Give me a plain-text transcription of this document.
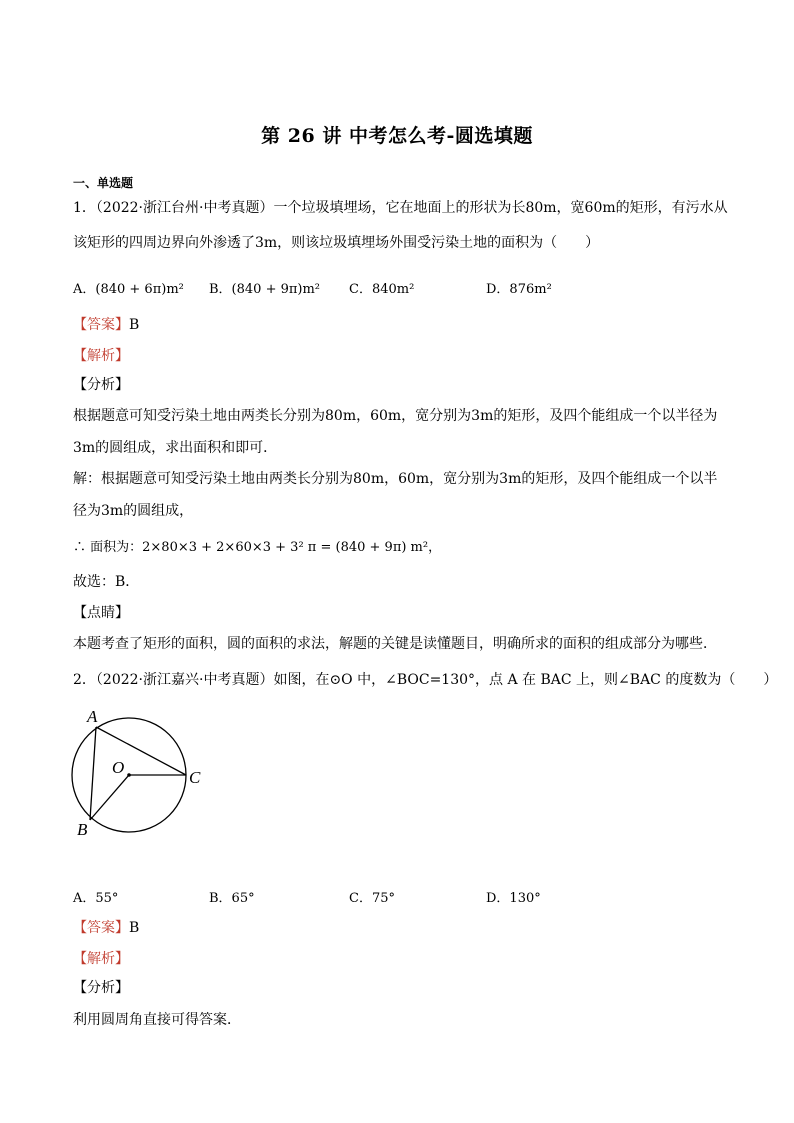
第 26 讲 中考怎么考-圆选填题
一、单选题
1．（2022·浙江台州·中考真题）一个垃圾填埋场，它在地面上的形状为长80m，宽60m的矩形，有污水从
该矩形的四周边界向外渗透了3m，则该垃圾填埋场外围受污染土地的面积为（　　）
A．(840 + 6π)m² B．(840 + 9π)m² C．840m²	D．876m²
【答案】B
【解析】
【分析】
根据题意可知受污染土地由两类长分别为80m，60m，宽分别为3m的矩形，及四个能组成一个以半径为
3m的圆组成，求出面积和即可．
解：根据题意可知受污染土地由两类长分别为80m，60m，宽分别为3m的矩形，及四个能组成一个以半
径为3m的圆组成，
∴ 面积为：2×80×3 + 2×60×3 + 3² π = (840 + 9π) m²，
故选：B．
【点睛】
本题考查了矩形的面积，圆的面积的求法，解题的关键是读懂题目，明确所求的面积的组成部分为哪些．
2．（2022·浙江嘉兴·中考真题）如图，在⊙O 中，∠BOC=130°，点 A 在 BAC 上，则∠BAC 的度数为（　　）
A
O
C
B
A．55°	B．65°	C．75°	D．130°
【答案】B
【解析】
【分析】
利用圆周角直接可得答案．
